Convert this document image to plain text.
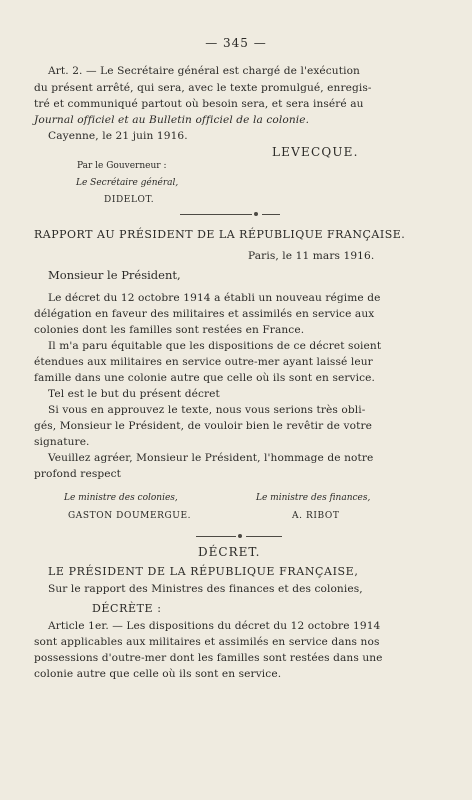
— 345 —
Art. 2. — Le Secrétaire général est chargé de l'exécution
du présent arrêté, qui sera, avec le texte promulgué, enregis-
tré et communiqué partout où besoin sera, et sera inséré au
Journal officiel et au Bulletin officiel de la colonie.
Cayenne, le 21 juin 1916.
LEVECQUE.
Par le Gouverneur :
Le Secrétaire général,
DIDELOT.
RAPPORT AU PRÉSIDENT DE LA RÉPUBLIQUE FRANÇAISE.
Paris, le 11 mars 1916.
Monsieur le Président,
Le décret du 12 octobre 1914 a établi un nouveau régime de
délégation en faveur des militaires et assimilés en service aux
colonies dont les familles sont restées en France.
Il m'a paru équitable que les dispositions de ce décret soient
étendues aux militaires en service outre-mer ayant laissé leur
famille dans une colonie autre que celle où ils sont en service.
Tel est le but du présent décret
Si vous en approuvez le texte, nous vous serions très obli-
gés, Monsieur le Président, de vouloir bien le revêtir de votre
signature.
Veuillez agréer, Monsieur le Président, l'hommage de notre
profond respect
Le ministre des colonies,	Le ministre des finances,
GASTON DOUMERGUE.	A. RIBOT
DÉCRET.
LE PRÉSIDENT DE LA RÉPUBLIQUE FRANÇAISE,
Sur le rapport des Ministres des finances et des colonies,
DÉCRÈTE :
Article 1er. — Les dispositions du décret du 12 octobre 1914
sont applicables aux militaires et assimilés en service dans nos
possessions d'outre-mer dont les familles sont restées dans une
colonie autre que celle où ils sont en service.
